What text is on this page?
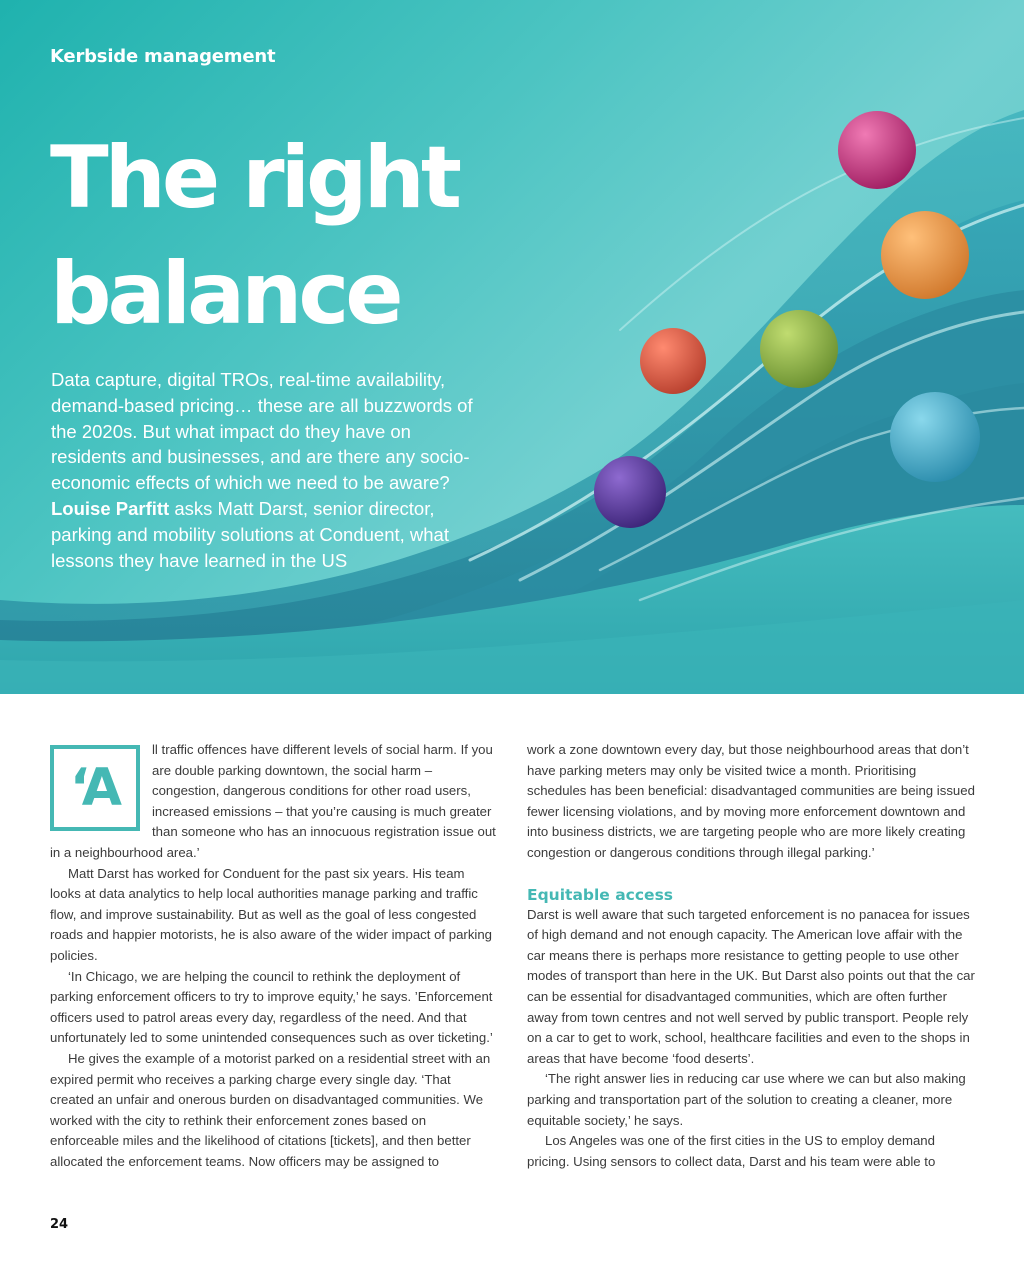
Kerbside management
The right
balance
Data capture, digital TROs, real-time availability, demand-based pricing… these are all buzzwords of the 2020s. But what impact do they have on residents and businesses, and are there any socio-economic effects of which we need to be aware?
Louise Parfitt asks Matt Darst, senior director, parking and mobility solutions at Conduent, what lessons they have learned in the US
‘A

ll traffic offences have different levels of social harm. If you are double parking downtown, the social harm – congestion, dangerous conditions for other road users, increased emissions – that you’re causing is much greater than someone who has an innocuous registration issue out in a neighbourhood area.’

Matt Darst has worked for Conduent for the past six years. His team looks at data analytics to help local authorities manage parking and traffic flow, and improve sustainability. But as well as the goal of less congested roads and happier motorists, he is also aware of the wider impact of parking policies.

‘In Chicago, we are helping the council to rethink the deployment of parking enforcement officers to try to improve equity,’ he says. ’Enforcement officers used to patrol areas every day, regardless of the need. And that unfortunately led to some unintended consequences such as over ticketing.’

He gives the example of a motorist parked on a residential street with an expired permit who receives a parking charge every single day. ‘That created an unfair and onerous burden on disadvantaged communities. We worked with the city to rethink their enforcement zones based on enforceable miles and the likelihood of citations [tickets], and then better allocated the enforcement teams. Now officers may be assigned to

work a zone downtown every day, but those neighbourhood areas that don’t have parking meters may only be visited twice a month. Prioritising schedules has been beneficial: disadvantaged communities are being issued fewer licensing violations, and by moving more enforcement downtown and into business districts, we are targeting people who are more likely creating congestion or dangerous conditions through illegal parking.’

Equitable access

Darst is well aware that such targeted enforcement is no panacea for issues of high demand and not enough capacity. The American love affair with the car means there is perhaps more resistance to getting people to use other modes of transport than here in the UK. But Darst also points out that the car can be essential for disadvantaged communities, which are often further away from town centres and not well served by public transport. People rely on a car to get to work, school, healthcare facilities and even to the shops in areas that have become ‘food deserts’.

‘The right answer lies in reducing car use where we can but also making parking and transportation part of the solution to creating a cleaner, more equitable society,’ he says.

Los Angeles was one of the first cities in the US to employ demand pricing. Using sensors to collect data, Darst and his team were able to

24
